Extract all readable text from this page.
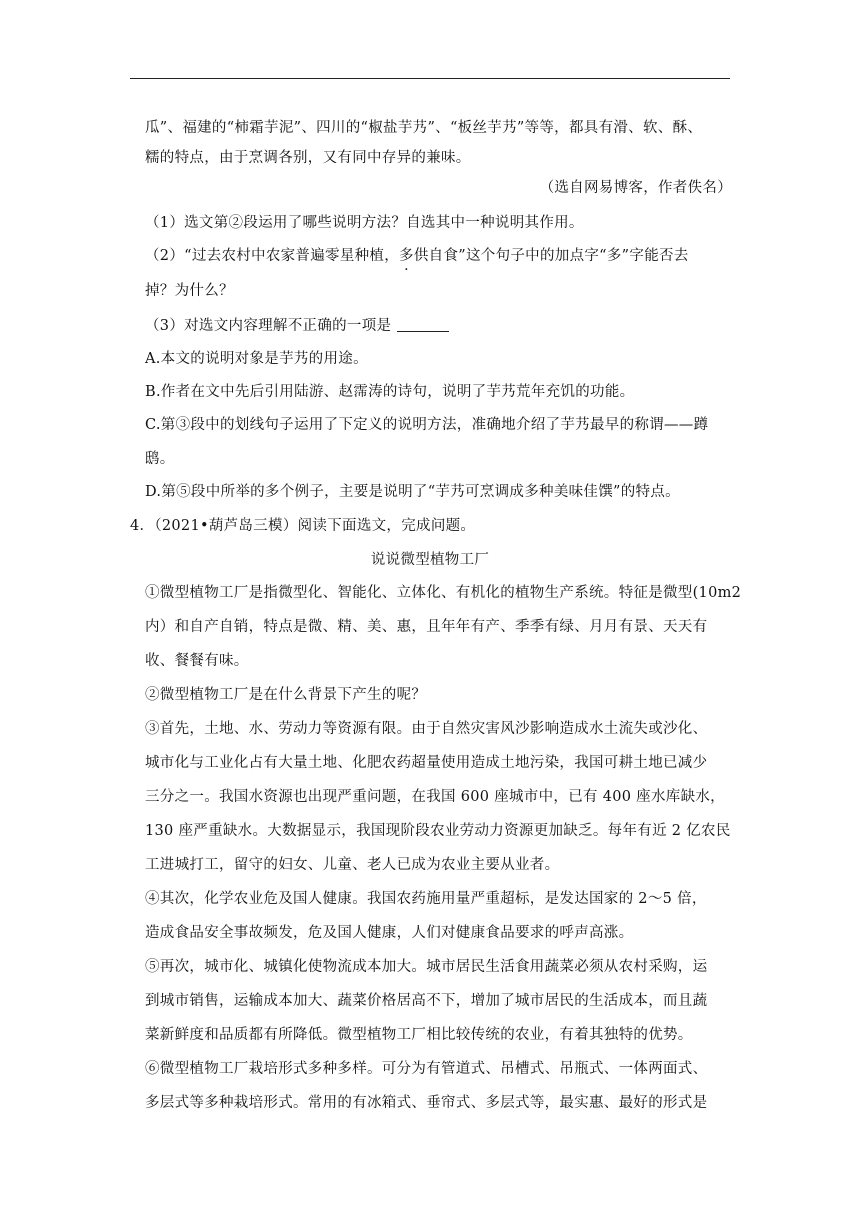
瓜”、福建的“柿霜芋泥”、四川的“椒盐芋艿”、“板丝芋艿”等等，都具有滑、软、酥、
糯的特点，由于烹调各别，又有同中存异的兼味。
（选自网易博客，作者佚名）
（1）选文第②段运用了哪些说明方法？自选其中一种说明其作用。
（2）“过去农村中农家普遍零星种植，多供自食”这个句子中的加点字“多”字能否去
掉？为什么？
（3）对选文内容理解不正确的一项是
A.本文的说明对象是芋艿的用途。
B.作者在文中先后引用陆游、赵霈涛的诗句，说明了芋艿荒年充饥的功能。
C.第③段中的划线句子运用了下定义的说明方法，准确地介绍了芋艿最早的称谓——蹲
鸱。
D.第⑤段中所举的多个例子，主要是说明了“芋艿可烹调成多种美味佳馔”的特点。
4．（2021•葫芦岛三模）阅读下面选文，完成问题。
说说微型植物工厂
①微型植物工厂是指微型化、智能化、立体化、有机化的植物生产系统。特征是微型(10m2
内）和自产自销，特点是微、精、美、惠，且年年有产、季季有绿、月月有景、天天有
收、餐餐有味。
②微型植物工厂是在什么背景下产生的呢？
③首先，土地、水、劳动力等资源有限。由于自然灾害风沙影响造成水土流失或沙化、
城市化与工业化占有大量土地、化肥农药超量使用造成土地污染，我国可耕土地已减少
三分之一。我国水资源也出现严重问题，在我国 600 座城市中，已有 400 座水库缺水，
130 座严重缺水。大数据显示，我国现阶段农业劳动力资源更加缺乏。每年有近 2 亿农民
工进城打工，留守的妇女、儿童、老人已成为农业主要从业者。
④其次，化学农业危及国人健康。我国农药施用量严重超标，是发达国家的 2～5 倍，
造成食品安全事故频发，危及国人健康，人们对健康食品要求的呼声高涨。
⑤再次，城市化、城镇化使物流成本加大。城市居民生活食用蔬菜必须从农村采购，运
到城市销售，运输成本加大、蔬菜价格居高不下，增加了城市居民的生活成本，而且蔬
菜新鲜度和品质都有所降低。微型植物工厂相比较传统的农业，有着其独特的优势。
⑥微型植物工厂栽培形式多种多样。可分为有管道式、吊槽式、吊瓶式、一体两面式、
多层式等多种栽培形式。常用的有冰箱式、垂帘式、多层式等，最实惠、最好的形式是
